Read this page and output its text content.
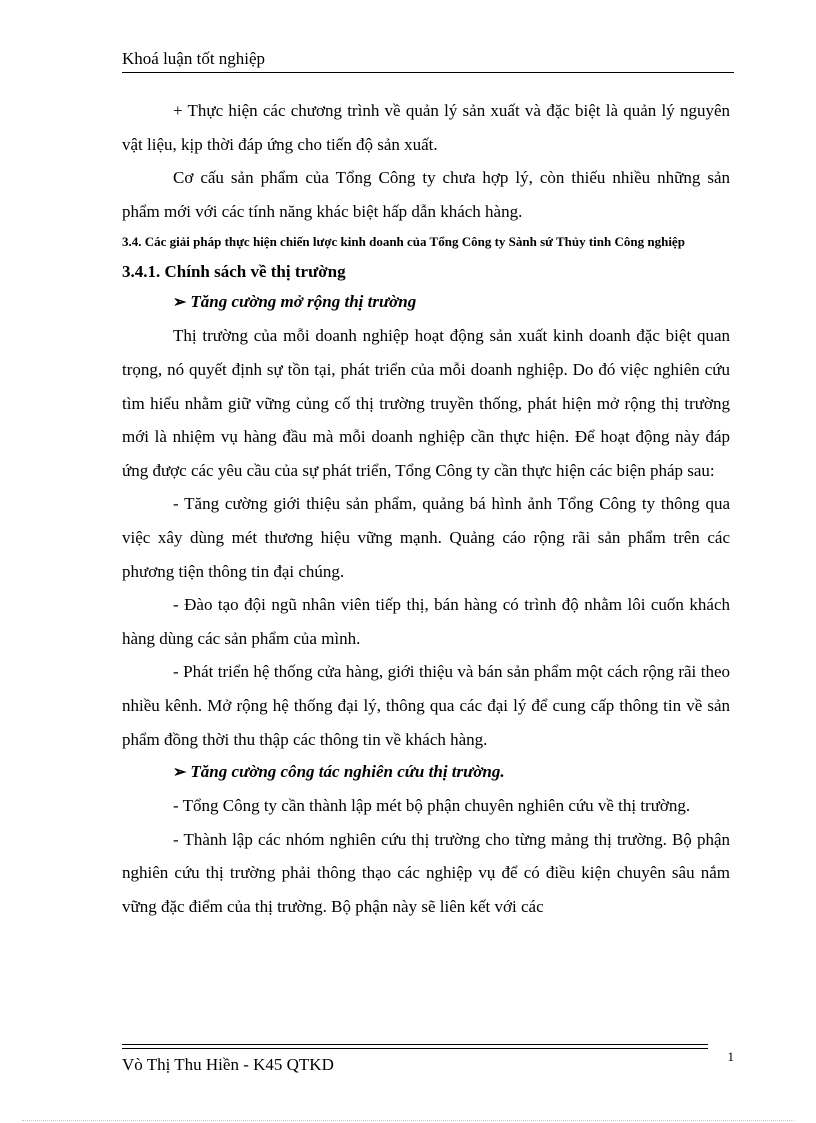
Khoá luận tốt nghiệp

+ Thực hiện các chương trình về quản lý sản xuất và đặc biệt là quản lý nguyên vật liệu, kịp thời đáp ứng cho tiến độ sản xuất.

Cơ cấu sản phẩm của Tổng Công ty chưa hợp lý, còn thiếu nhiều những sản phẩm mới với các tính năng khác biệt hấp dẫn khách hàng.

3.4. Các giải pháp thực hiện chiến lược kinh doanh của Tổng Công ty Sành sứ Thủy tinh Công nghiệp

3.4.1. Chính sách về thị trường

➢ Tăng cường mở rộng thị trường

Thị trường của mỗi doanh nghiệp hoạt động sản xuất kinh doanh đặc biệt quan trọng, nó quyết định sự tồn tại, phát triển của mỗi doanh nghiệp. Do đó việc nghiên cứu tìm hiểu nhằm giữ vững củng cố thị trường truyền thống, phát hiện mở rộng thị trường mới là nhiệm vụ hàng đầu mà mỗi doanh nghiệp cần thực hiện. Để hoạt động này đáp ứng được các yêu cầu của sự phát triển, Tổng Công ty cần thực hiện các biện pháp sau:

- Tăng cường giới thiệu sản phẩm, quảng bá hình ảnh Tổng Công ty thông qua việc xây dùng mét thương hiệu vững mạnh. Quảng cáo rộng rãi sản phẩm trên các phương tiện thông tin đại chúng.

- Đào tạo đội ngũ nhân viên tiếp thị, bán hàng có trình độ nhằm lôi cuốn khách hàng dùng các sản phẩm của mình.

- Phát triển hệ thống cửa hàng, giới thiệu và bán sản phẩm một cách rộng rãi theo nhiều kênh. Mở rộng hệ thống đại lý, thông qua các đại lý để cung cấp thông tin về sản phẩm đồng thời thu thập các thông tin về khách hàng.

➢ Tăng cường công tác nghiên cứu thị trường.

- Tổng Công ty cần thành lập mét bộ phận chuyên nghiên cứu về thị trường.

- Thành lập các nhóm nghiên cứu thị trường cho từng mảng thị trường. Bộ phận nghiên cứu thị trường phải thông thạo các nghiệp vụ để có điều kiện chuyên sâu nắm vững đặc điểm của thị trường. Bộ phận này sẽ liên kết với các

Vò Thị Thu Hiền - K45 QTKD	1
